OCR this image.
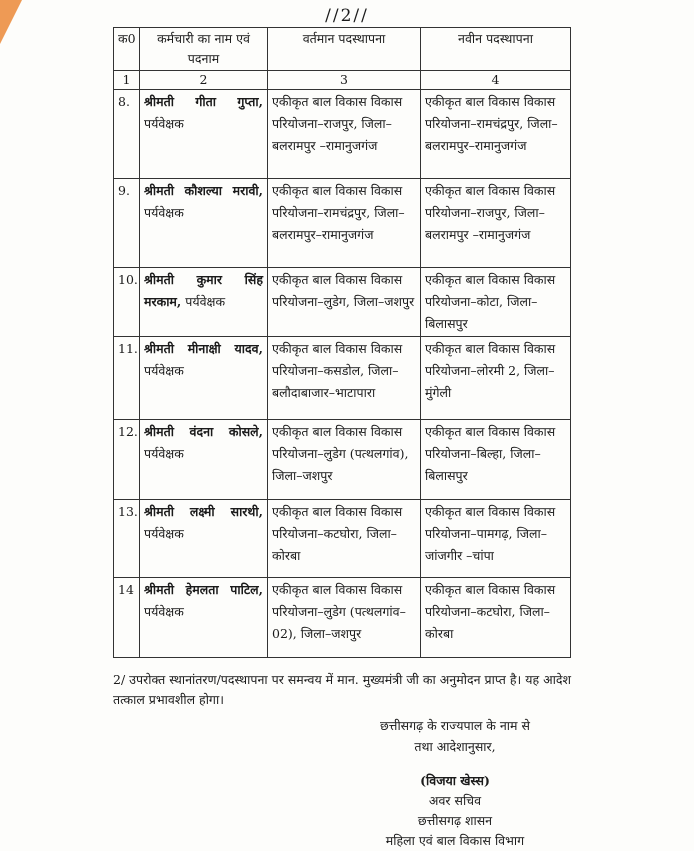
//2//
क0	कर्मचारी का नाम एवं पदनाम	वर्तमान पदस्थापना	नवीन पदस्थापना
1	2	3	4
8.	श्रीमती गीता गुप्ता, पर्यवेक्षक	एकीकृत बाल विकास विकास परियोजना–राजपुर, जिला–बलरामपुर –रामानुजगंज	एकीकृत बाल विकास विकास परियोजना–रामचंद्रपुर, जिला–बलरामपुर–रामानुजगंज
9.	श्रीमती कौशल्या मरावी, पर्यवेक्षक	एकीकृत बाल विकास विकास परियोजना–रामचंद्रपुर, जिला–बलरामपुर–रामानुजगंज	एकीकृत बाल विकास विकास परियोजना–राजपुर, जिला–बलरामपुर –रामानुजगंज
10.	श्रीमती कुमार सिंह मरकाम, पर्यवेक्षक	एकीकृत बाल विकास विकास परियोजना–लुडेग, जिला–जशपुर	एकीकृत बाल विकास विकास परियोजना–कोटा, जिला–बिलासपुर
11.	श्रीमती मीनाक्षी यादव, पर्यवेक्षक	एकीकृत बाल विकास विकास परियोजना–कसडोल, जिला–बलौदाबाजार–भाटापारा	एकीकृत बाल विकास विकास परियोजना–लोरमी 2, जिला–मुंगेली
12.	श्रीमती वंदना कोसले, पर्यवेक्षक	एकीकृत बाल विकास विकास परियोजना–लुडेग (पत्थलगांव), जिला–जशपुर	एकीकृत बाल विकास विकास परियोजना–बिल्हा, जिला–बिलासपुर
13.	श्रीमती लक्ष्मी सारथी, पर्यवेक्षक	एकीकृत बाल विकास विकास परियोजना–कटघोरा, जिला–कोरबा	एकीकृत बाल विकास विकास परियोजना–पामगढ़, जिला–जांजगीर –चांपा
14	श्रीमती हेमलता पाटिल, पर्यवेक्षक	एकीकृत बाल विकास विकास परियोजना–लुडेग (पत्थलगांव–02), जिला–जशपुर	एकीकृत बाल विकास विकास परियोजना–कटघोरा, जिला–कोरबा
2/ उपरोक्त स्थानांतरण/पदस्थापना पर समन्वय में मान. मुख्यमंत्री जी का अनुमोदन प्राप्त है। यह आदेश तत्काल प्रभावशील होगा।
छत्तीसगढ़ के राज्यपाल के नाम से
तथा आदेशानुसार,
(विजया खेस्स)
अवर सचिव
छत्तीसगढ़ शासन
महिला एवं बाल विकास विभाग
